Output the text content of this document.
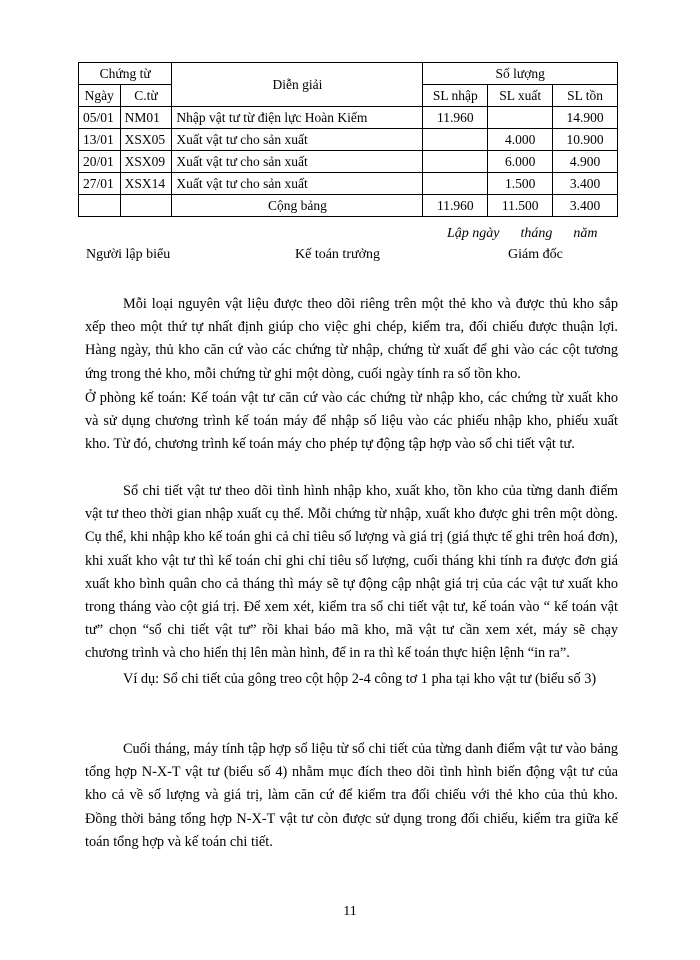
Chứng từ		Diễn giải	Số lượng		
Ngày	C.từ		SL nhập	SL xuất	SL tồn
05/01	NM01	Nhập vật tư từ điện lực Hoàn Kiếm	11.960		14.900
13/01	XSX05	Xuất vật tư cho sản xuất		4.000	10.900
20/01	XSX09	Xuất vật tư cho sản xuất		6.000	4.900
27/01	XSX14	Xuất vật tư cho sản xuất		1.500	3.400
		Cộng bảng	11.960	11.500	3.400
Lập ngày      tháng      năm
Người lập biểu	Kế toán trưởng	Giám đốc
Mỗi loại nguyên vật liệu được theo dõi riêng trên một thẻ kho và được thủ kho sắp xếp theo một thứ tự nhất định giúp cho việc ghi chép, kiểm tra, đối chiếu được thuận lợi. Hàng ngày, thủ kho căn cứ vào các chứng từ nhập, chứng từ xuất để ghi vào các cột tương ứng trong thẻ kho, mỗi chứng từ ghi một dòng, cuối ngày tính ra số tồn kho.
Ở phòng kế toán: Kế toán vật tư căn cứ vào các chứng từ nhập kho, các chứng từ xuất kho và sử dụng chương trình kế toán máy để nhập số liệu vào các phiếu nhập kho, phiếu xuất kho. Từ đó, chương trình kế toán máy cho phép tự động tập hợp vào sổ chi tiết vật tư.
Sổ chi tiết vật tư theo dõi tình hình nhập kho, xuất kho, tồn kho của từng danh điểm vật tư theo thời gian nhập xuất cụ thể. Mỗi chứng từ nhập, xuất kho được ghi trên một dòng. Cụ thể, khi nhập kho kế toán ghi cả chỉ tiêu số lượng và giá trị (giá thực tế ghi trên hoá đơn), khi xuất kho vật tư thì kế toán chỉ ghi chỉ tiêu số lượng, cuối tháng khi tính ra được đơn giá xuất kho bình quân cho cả tháng thì máy sẽ tự động cập nhật giá trị của các vật tư xuất kho trong tháng vào cột giá trị. Để xem xét, kiểm tra sổ chi tiết vật tư, kế toán vào “ kế toán vật tư” chọn “sổ chi tiết vật tư” rồi khai báo mã kho, mã vật tư cần xem xét, máy sẽ chạy chương trình và cho hiển thị lên màn hình, để in ra thì kế toán thực hiện lệnh “in ra”.
Ví dụ: Sổ chi tiết của gông treo cột hộp 2-4 công tơ 1 pha tại kho vật tư (biểu số 3)
Cuối tháng, máy tính tập hợp số liệu từ sổ chi tiết của từng danh điểm vật tư vào bảng tổng hợp N-X-T vật tư (biểu số 4) nhằm mục đích theo dõi tình hình biến động vật tư của kho cả về số lượng và giá trị, làm căn cứ để kiểm tra đối chiếu với thẻ kho của thủ kho. Đồng thời bảng tổng hợp N-X-T vật tư còn được sử dụng trong đối chiếu, kiểm tra giữa kế toán tổng hợp và kế toán chi tiết.
11
